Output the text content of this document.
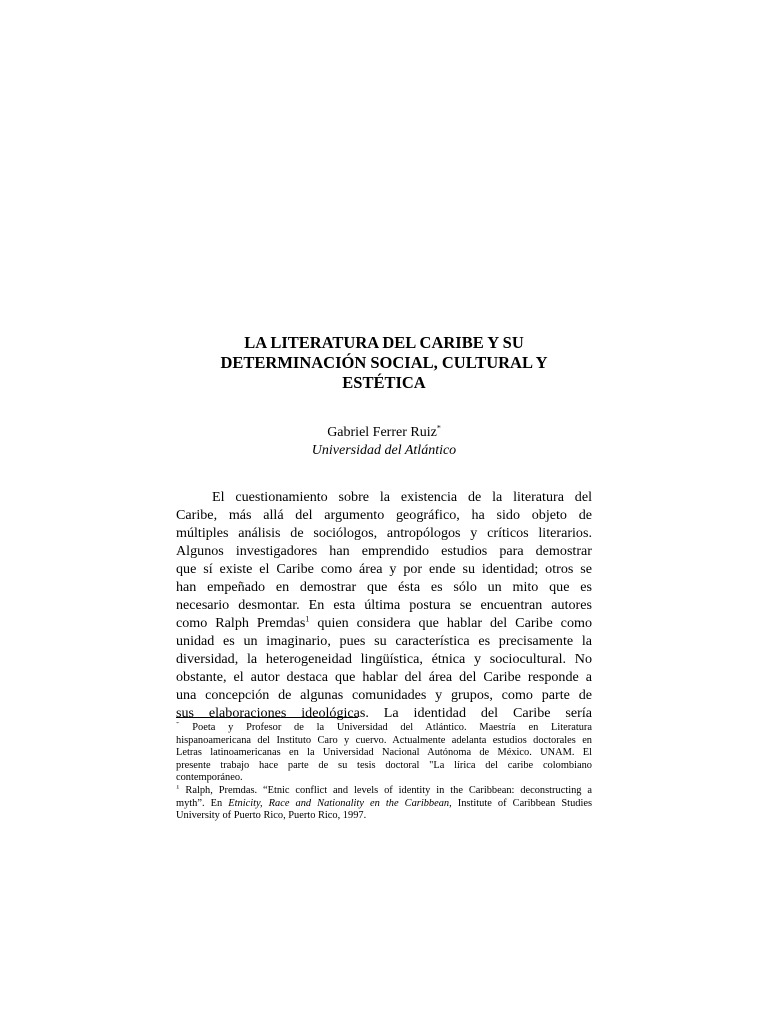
LA LITERATURA DEL CARIBE Y SU
DETERMINACIÓN SOCIAL, CULTURAL Y
ESTÉTICA
Gabriel Ferrer Ruiz*
Universidad del Atlántico
El cuestionamiento sobre la existencia de la literatura del
Caribe, más allá del argumento geográfico, ha sido objeto de
múltiples análisis de sociólogos, antropólogos y críticos literarios.
Algunos investigadores han emprendido estudios para demostrar
que sí existe el Caribe como área y por ende su identidad; otros se
han empeñado en demostrar que ésta es sólo un mito que es
necesario desmontar. En esta última postura se encuentran autores
como Ralph Premdas$^1$ quien considera que hablar del Caribe como
unidad es un imaginario, pues su característica es precisamente la
diversidad, la heterogeneidad lingüística, étnica y sociocultural. No
obstante, el autor destaca que hablar del área del Caribe responde a
una concepción de algunas comunidades y grupos, como parte de
sus elaboraciones ideológicas. La identidad del Caribe sería
* Poeta y Profesor de la Universidad del Atlántico. Maestría en Literatura
hispanoamericana del Instituto Caro y cuervo. Actualmente adelanta estudios doctorales en
Letras latinoamericanas en la Universidad Nacional Autónoma de México. UNAM. El
presente trabajo hace parte de su tesis doctoral "La lírica del caribe colombiano
contemporáneo.
$^1$ Ralph, Premdas. “Etnic conflict and levels of identity in the Caribbean: deconstructing a
myth”. En Etnicity, Race and Nationality en the Caribbean, Institute of Caribbean Studies
University of Puerto Rico, Puerto Rico, 1997.
